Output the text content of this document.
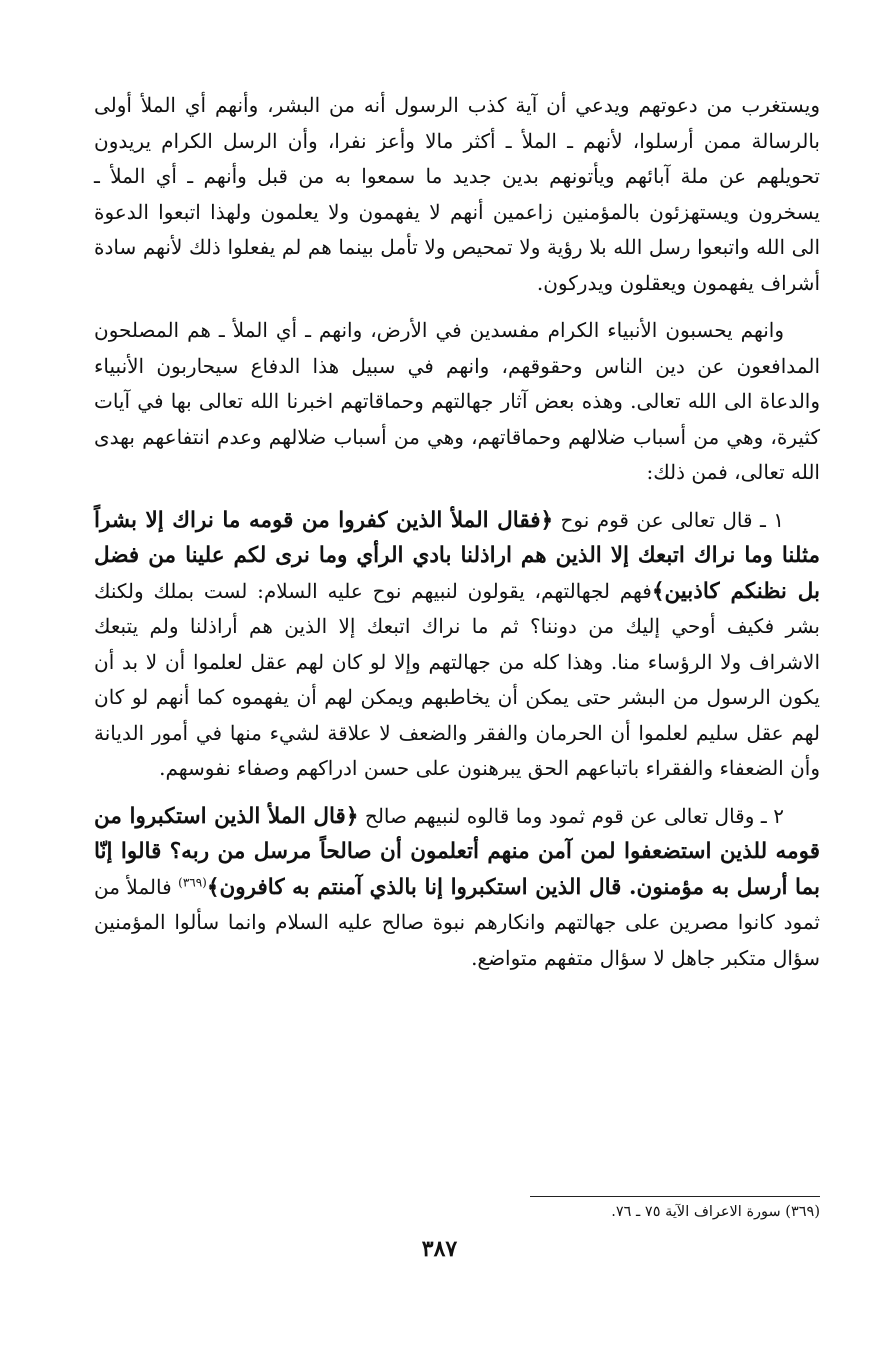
ويستغرب من دعوتهم ويدعي أن آية كذب الرسول أنه من البشر، وأنهم أي الملأ أولى بالرسالة ممن أرسلوا، لأنهم ـ الملأ ـ أكثر مالا وأعز نفرا، وأن الرسل الكرام يريدون تحويلهم عن ملة آبائهم ويأتونهم بدين جديد ما سمعوا به من قبل وأنهم ـ أي الملأ ـ يسخرون ويستهزئون بالمؤمنين زاعمين أنهم لا يفهمون ولا يعلمون ولهذا اتبعوا الدعوة الى الله واتبعوا رسل الله بلا رؤية ولا تمحيص ولا تأمل بينما هم لم يفعلوا ذلك لأنهم سادة أشراف يفهمون ويعقلون ويدركون.

وانهم يحسبون الأنبياء الكرام مفسدين في الأرض، وانهم ـ أي الملأ ـ هم المصلحون المدافعون عن دين الناس وحقوقهم، وانهم في سبيل هذا الدفاع سيحاربون الأنبياء والدعاة الى الله تعالى. وهذه بعض آثار جهالتهم وحماقاتهم اخبرنا الله تعالى بها في آيات كثيرة، وهي من أسباب ضلالهم وحماقاتهم، وهي من أسباب ضلالهم وعدم انتفاعهم بهدى الله تعالى، فمن ذلك:

١ ـ قال تعالى عن قوم نوح ﴿فقال الملأ الذين كفروا من قومه ما نراك إلا بشراً مثلنا وما نراك اتبعك إلا الذين هم اراذلنا بادي الرأي وما نرى لكم علينا من فضل بل نظنكم كاذبين﴾فهم لجهالتهم، يقولون لنبيهم نوح عليه السلام: لست بملك ولكنك بشر فكيف أوحي إليك من دوننا؟ ثم ما نراك اتبعك إلا الذين هم أراذلنا ولم يتبعك الاشراف ولا الرؤساء منا. وهذا كله من جهالتهم وإلا لو كان لهم عقل لعلموا أن لا بد أن يكون الرسول من البشر حتى يمكن أن يخاطبهم ويمكن لهم أن يفهموه كما أنهم لو كان لهم عقل سليم لعلموا أن الحرمان والفقر والضعف لا علاقة لشيء منها في أمور الديانة وأن الضعفاء والفقراء باتباعهم الحق يبرهنون على حسن ادراكهم وصفاء نفوسهم.

٢ ـ وقال تعالى عن قوم ثمود وما قالوه لنبيهم صالح ﴿قال الملأ الذين استكبروا من قومه للذين استضعفوا لمن آمن منهم أتعلمون أن صالحاً مرسل من ربه؟ قالوا إنّا بما أرسل به مؤمنون. قال الذين استكبروا إنا بالذي آمنتم به كافرون﴾$^{(٣٦٩)}$ فالملأ من ثمود كانوا مصرين على جهالتهم وانكارهم نبوة صالح عليه السلام وانما سألوا المؤمنين سؤال متكبر جاهل لا سؤال متفهم متواضع.

(٣٦٩) سورة الاعراف الآية ٧٥ ـ ٧٦.
٣٨٧
